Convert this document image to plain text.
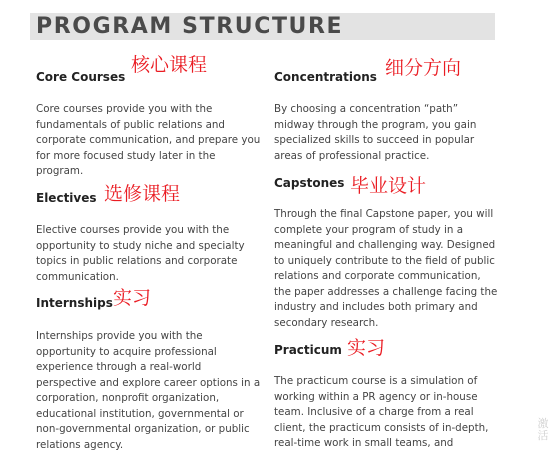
PROGRAM STRUCTURE
Core Courses
核心课程
Core courses provide you with the fundamentals of public relations and corporate communication, and prepare you for more focused study later in the program.
Electives 选修课程
Elective courses provide you with the opportunity to study niche and specialty topics in public relations and corporate communication.
Internships 实习
Internships provide you with the opportunity to acquire professional experience through a real-world perspective and explore career options in a corporation, nonprofit organization, educational institution, governmental or non-governmental organization, or public relations agency.
Concentrations 细分方向
By choosing a concentration “path” midway through the program, you gain specialized skills to succeed in popular areas of professional practice.
Capstones 毕业设计
Through the final Capstone paper, you will complete your program of study in a meaningful and challenging way. Designed to uniquely contribute to the field of public relations and corporate communication, the paper addresses a challenge facing the industry and includes both primary and secondary research.
Practicum 实习
The practicum course is a simulation of working within a PR agency or in-house team. Inclusive of a charge from a real client, the practicum consists of in-depth, real-time work in small teams, and
激活
